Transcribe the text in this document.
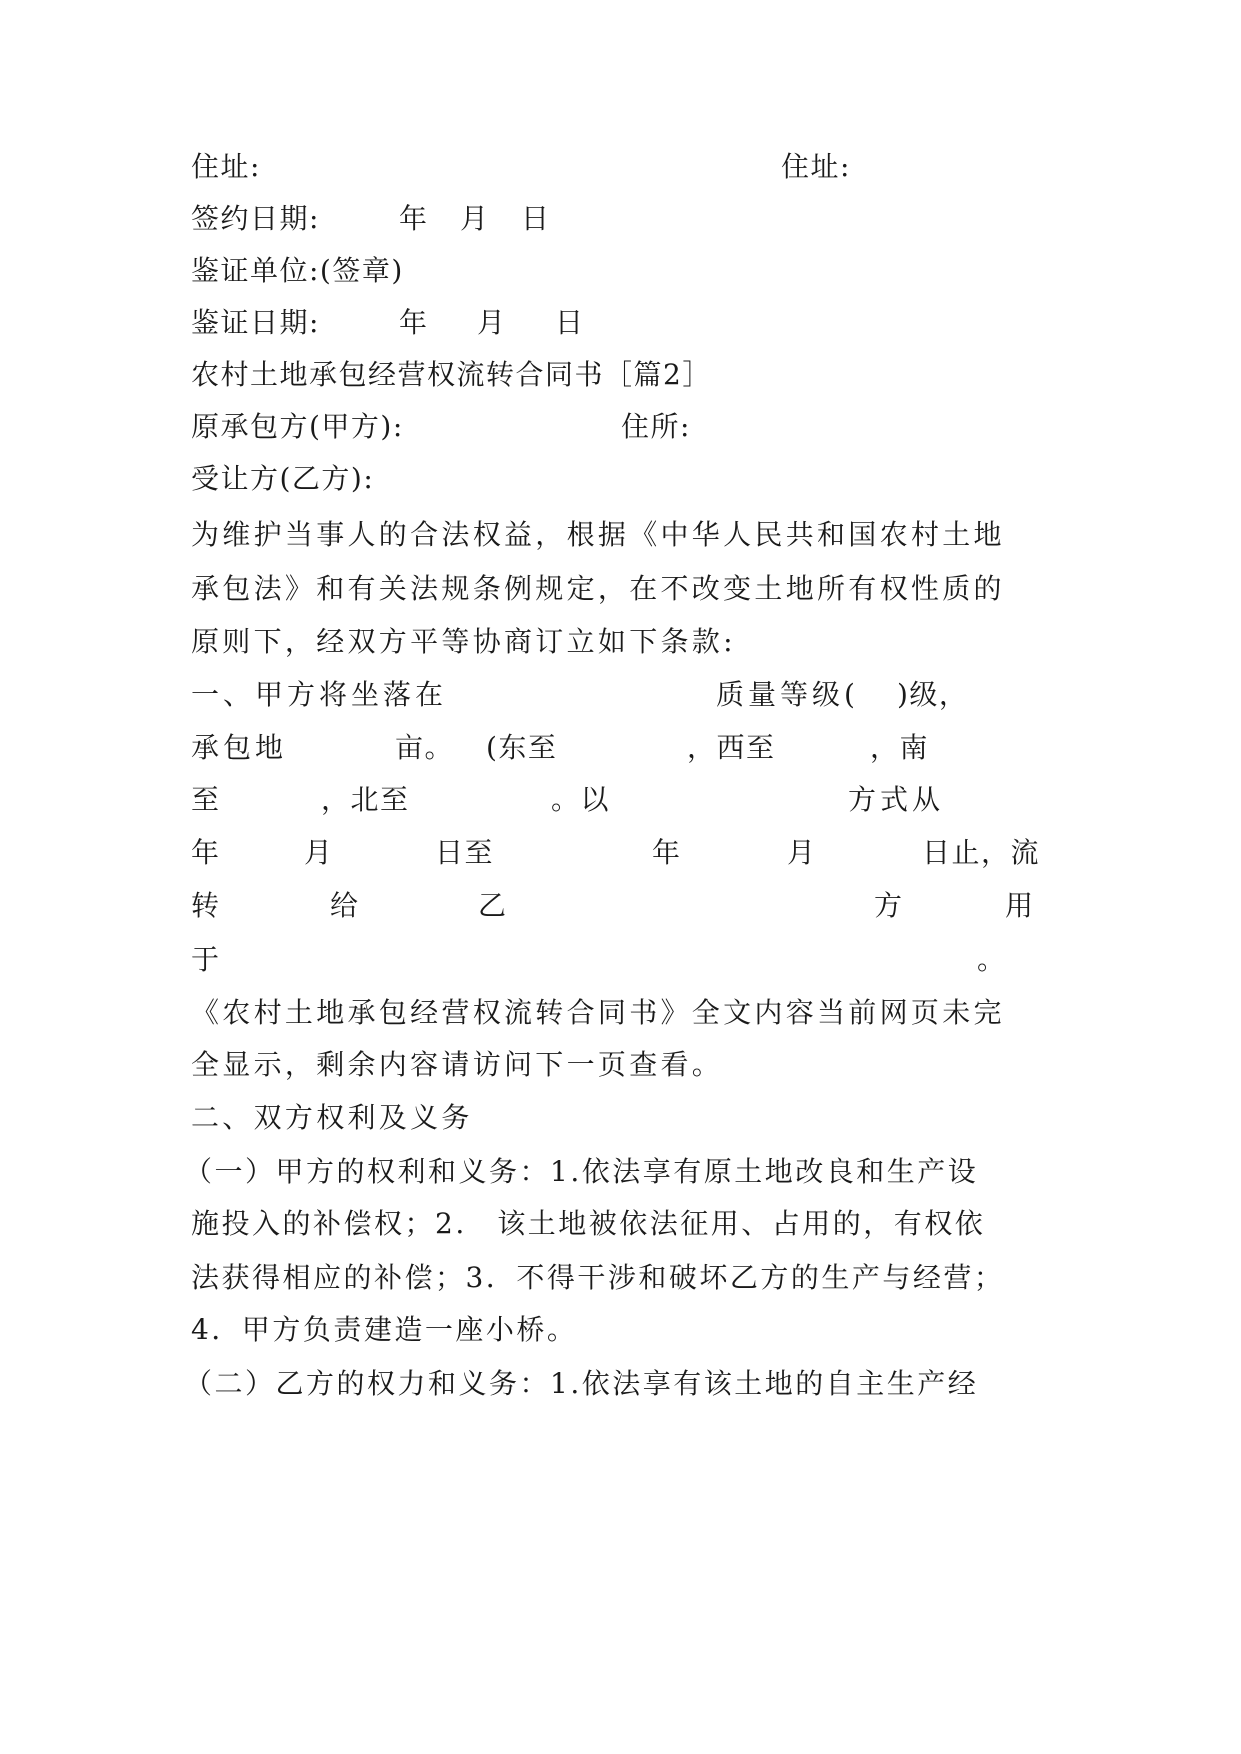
住址:	住址:
签约日期:	年 月 日
鉴证单位:(签章)
鉴证日期:	年 月 日
农村土地承包经营权流转合同书［篇2］
原承包方(甲方):	住所:
受让方(乙方):
为维护当事人的合法权益，根据《中华人民共和国农村土地
承包法》和有关法规条例规定，在不改变土地所有权性质的
原则下，经双方平等协商订立如下条款:
一、甲方将坐落在	质量等级( )级，
承包地	亩。 (东至	，西至	，南
至	，北至	。以	方式从
年	月	日至	年	月	日止，流
转	给	乙	方	用
于	。
《农村土地承包经营权流转合同书》全文内容当前网页未完
全显示，剩余内容请访问下一页查看。
二、双方权利及义务
（一）甲方的权利和义务：1.依法享有原土地改良和生产设
施投入的补偿权；2.　该土地被依法征用、占用的，有权依
法获得相应的补偿；3．不得干涉和破坏乙方的生产与经营；
4．甲方负责建造一座小桥。
（二）乙方的权力和义务：1.依法享有该土地的自主生产经
